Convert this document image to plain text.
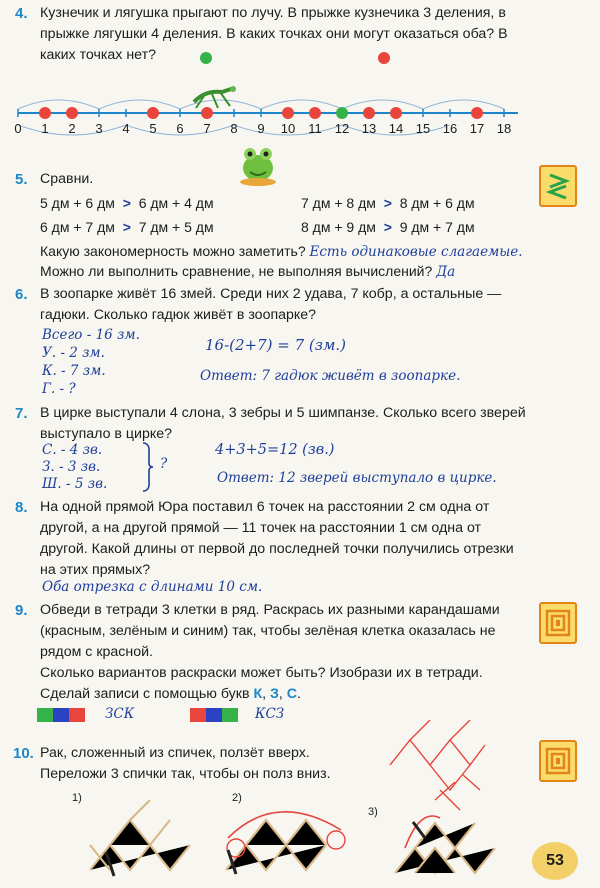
4. Кузнечик и лягушка прыгают по лучу. В прыжке кузнечика 3 деления, в прыжке лягушки 4 деления. В каких точках они могут оказаться оба? В каких точках нет?
0 1 2 3 4 5 6 7 8 9 10 11 12 13 14 15 16 17 18
5. Сравни.
5 дм + 6 дм > 6 дм + 4 дм
6 дм + 7 дм > 7 дм + 5 дм
7 дм + 8 дм > 8 дм + 6 дм
8 дм + 9 дм > 9 дм + 7 дм
Какую закономерность можно заметить? Есть одинаковые слагаемые.
Можно ли выполнить сравнение, не выполняя вычислений? Да
6. В зоопарке живёт 16 змей. Среди них 2 удава, 7 кобр, а остальные — гадюки. Сколько гадюк живёт в зоопарке?
Всего - 16 зм.
У. - 2 зм.
К. - 7 зм.
Г. - ?
16-(2+7) = 7 (зм.)
Ответ: 7 гадюк живёт в зоопарке.
7. В цирке выступали 4 слона, 3 зебры и 5 шимпанзе. Сколько всего зверей выступало в цирке?
С. - 4 зв.
З. - 3 зв.
Ш. - 5 зв.
?
4+3+5=12 (зв.)
Ответ: 12 зверей выступало в цирке.
8. На одной прямой Юра поставил 6 точек на расстоянии 2 см одна от другой, а на другой прямой — 11 точек на расстоянии 1 см одна от другой. Какой длины от первой до последней точки получились отрезки на этих прямых?
Оба отрезка с длинами 10 см.
9. Обведи в тетради 3 клетки в ряд. Раскрась их разными карандашами (красным, зелёным и синим) так, чтобы зелёная клетка оказалась не рядом с красной.
Сколько вариантов раскраски может быть? Изобрази их в тетради. Сделай записи с помощью букв К, З, С.
ЗСК	КСЗ
10. Рак, сложенный из спичек, ползёт вверх. Переложи 3 спички так, чтобы он полз вниз.
1)	2)
3)
53
